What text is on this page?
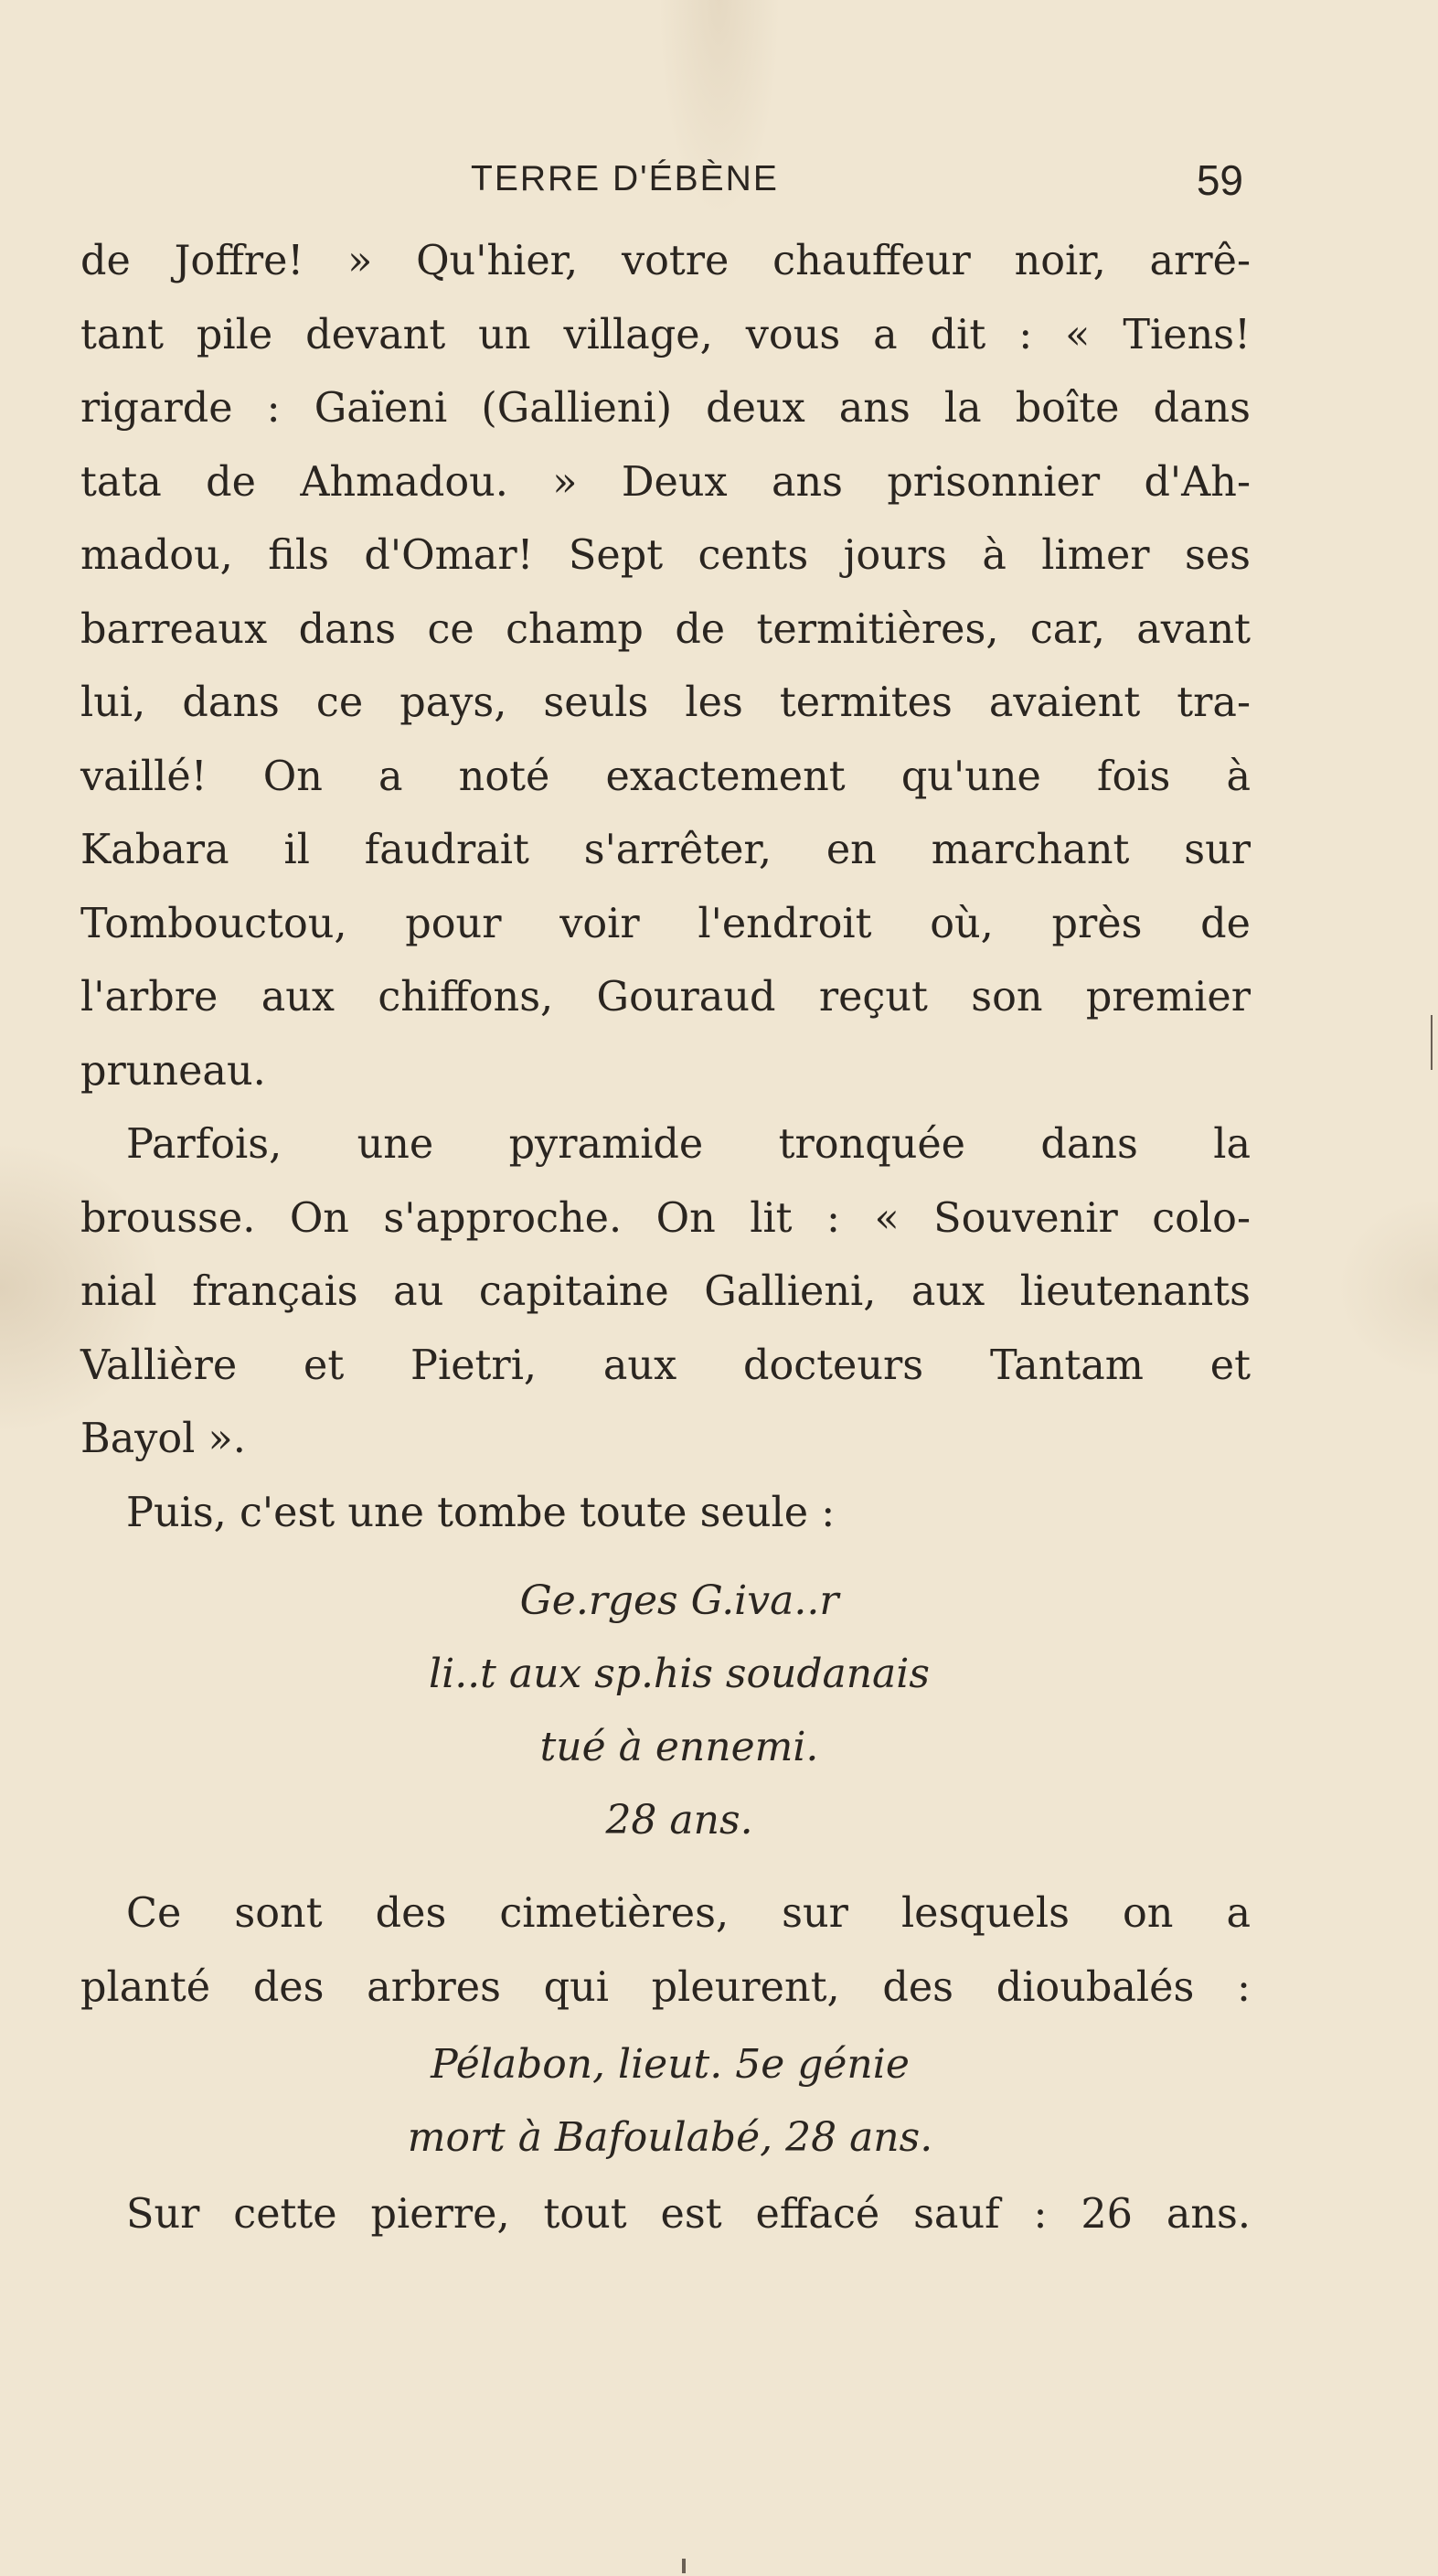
TERRE D'ÉBÈNE	59
de Joffre! » Qu'hier, votre chauffeur noir, arrê-
tant pile devant un village, vous a dit : « Tiens!
rigarde : Gaïeni (Gallieni) deux ans la boîte dans
tata de Ahmadou. » Deux ans prisonnier d'Ah-
madou, fils d'Omar! Sept cents jours à limer ses
barreaux dans ce champ de termitières, car, avant
lui, dans ce pays, seuls les termites avaient tra-
vaillé! On a noté exactement qu'une fois à
Kabara il faudrait s'arrêter, en marchant sur
Tombouctou, pour voir l'endroit où, près de
l'arbre aux chiffons, Gouraud reçut son premier
pruneau.
Parfois, une pyramide tronquée dans la
brousse. On s'approche. On lit : « Souvenir colo-
nial français au capitaine Gallieni, aux lieutenants
Vallière et Pietri, aux docteurs Tantam et
Bayol ».
Puis, c'est une tombe toute seule :
Ge.rges G.iva..r
li..t aux sp.his soudanais
tué à ennemi.
28 ans.
Ce sont des cimetières, sur lesquels on a
planté des arbres qui pleurent, des dioubalés :
Pélabon, lieut. 5e génie
mort à Bafoulabé, 28 ans.
Sur cette pierre, tout est effacé sauf : 26 ans.
